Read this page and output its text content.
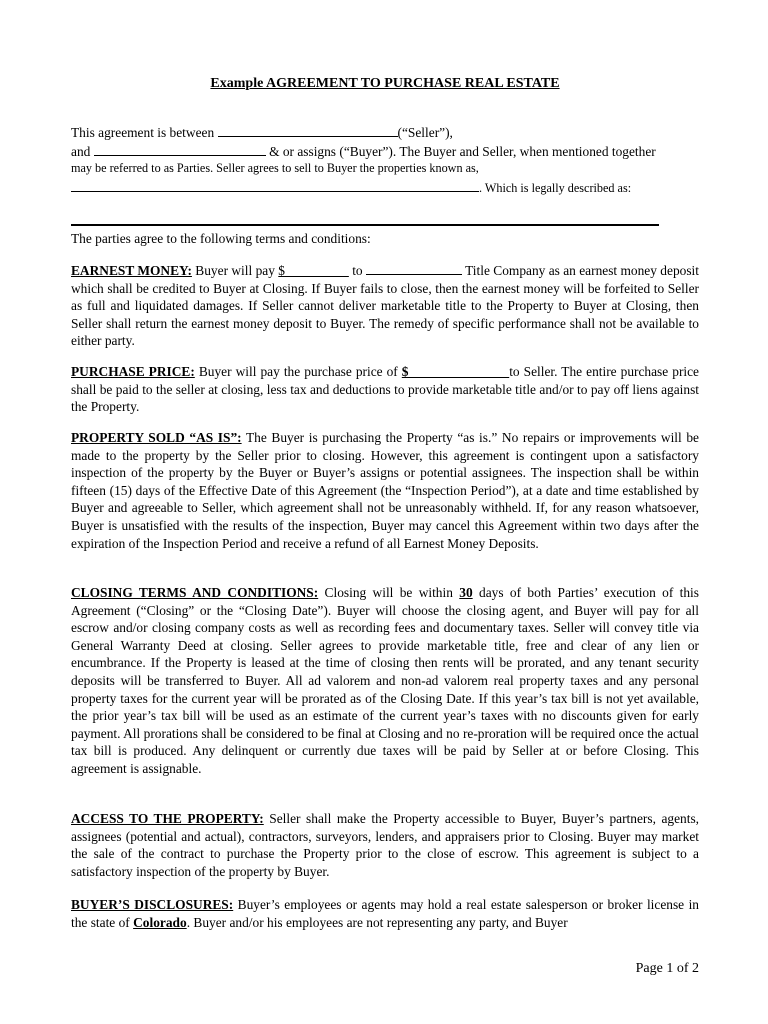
Example AGREEMENT TO PURCHASE REAL ESTATE
This agreement is between	(“Seller”),
and	& or assigns (“Buyer”). The Buyer and Seller, when mentioned together
may be referred to as Parties. Seller agrees to sell to Buyer the properties known as,
. Which is legally described as:
The parties agree to the following terms and conditions:
EARNEST MONEY: Buyer will pay $	to	Title Company as an earnest money deposit which shall be credited to Buyer at Closing. If Buyer fails to close, then the earnest money will be forfeited to Seller as full and liquidated damages. If Seller cannot deliver marketable title to the Property to Buyer at Closing, then Seller shall return the earnest money deposit to Buyer. The remedy of specific performance shall not be available to either party.
PURCHASE PRICE: Buyer will pay the purchase price of $	to Seller. The entire purchase price shall be paid to the seller at closing, less tax and deductions to provide marketable title and/or to pay off liens against the Property.
PROPERTY SOLD “AS IS”: The Buyer is purchasing the Property “as is.” No repairs or improvements will be made to the property by the Seller prior to closing. However, this agreement is contingent upon a satisfactory inspection of the property by the Buyer or Buyer’s assigns or potential assignees. The inspection shall be within fifteen (15) days of the Effective Date of this Agreement (the “Inspection Period”), at a date and time established by Buyer and agreeable to Seller, which agreement shall not be unreasonably withheld. If, for any reason whatsoever, Buyer is unsatisfied with the results of the inspection, Buyer may cancel this Agreement within two days after the expiration of the Inspection Period and receive a refund of all Earnest Money Deposits.
CLOSING TERMS AND CONDITIONS: Closing will be within 30 days of both Parties’ execution of this Agreement (“Closing” or the “Closing Date”). Buyer will choose the closing agent, and Buyer will pay for all escrow and/or closing company costs as well as recording fees and documentary taxes. Seller will convey title via General Warranty Deed at closing. Seller agrees to provide marketable title, free and clear of any lien or encumbrance. If the Property is leased at the time of closing then rents will be prorated, and any tenant security deposits will be transferred to Buyer. All ad valorem and non-ad valorem real property taxes and any personal property taxes for the current year will be prorated as of the Closing Date. If this year’s tax bill is not yet available, the prior year’s tax bill will be used as an estimate of the current year’s taxes with no discounts given for early payment. All prorations shall be considered to be final at Closing and no re-proration will be required once the actual tax bill is produced. Any delinquent or currently due taxes will be paid by Seller at or before Closing. This agreement is assignable.
ACCESS TO THE PROPERTY: Seller shall make the Property accessible to Buyer, Buyer’s partners, agents, assignees (potential and actual), contractors, surveyors, lenders, and appraisers prior to Closing. Buyer may market the sale of the contract to purchase the Property prior to the close of escrow. This agreement is subject to a satisfactory inspection of the property by Buyer.
BUYER’S DISCLOSURES: Buyer’s employees or agents may hold a real estate salesperson or broker license in the state of Colorado. Buyer and/or his employees are not representing any party, and Buyer
Page 1 of 2
